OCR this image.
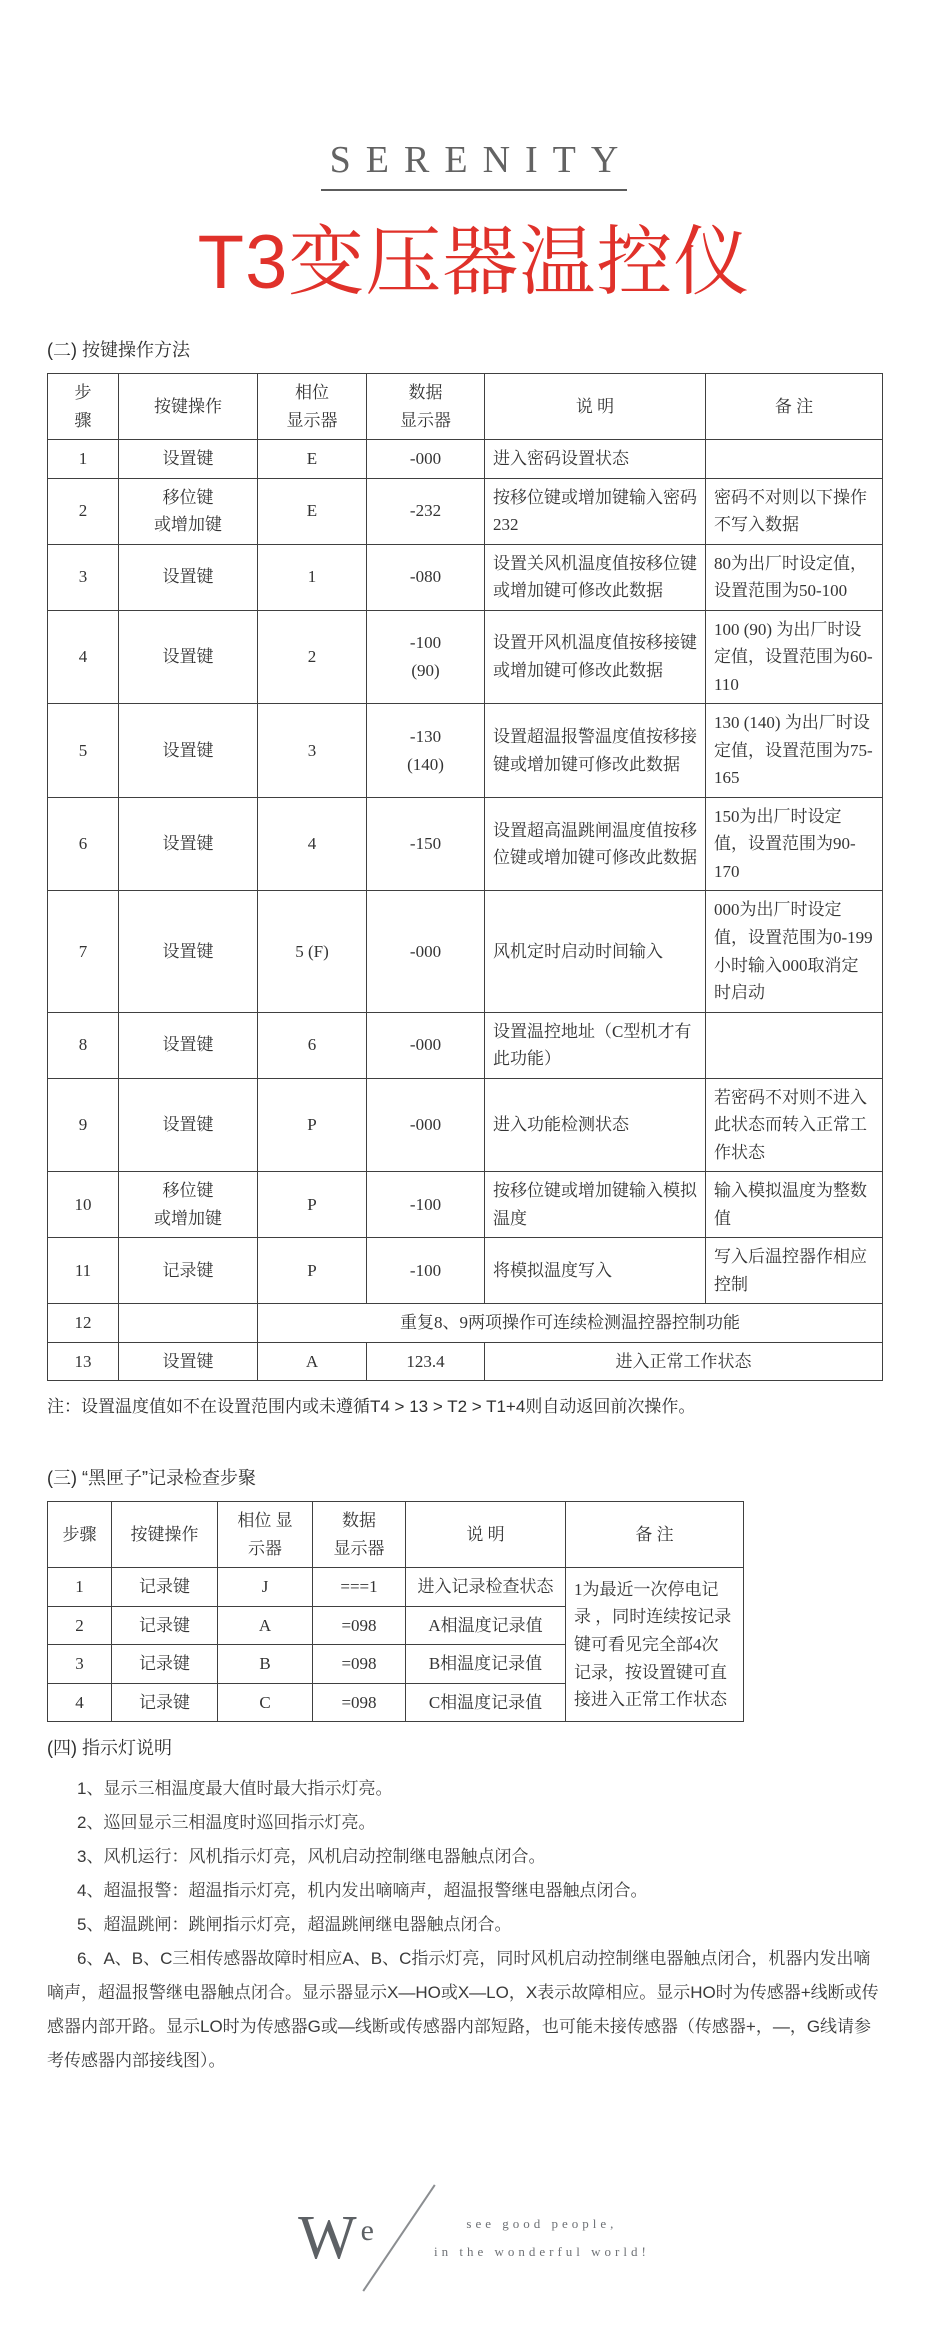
SERENITY
T3变压器温控仪
(二) 按键操作方法
步
骤	按键操作	相位
显示器	数据
显示器	说 明	备 注
1	设置键	E	-000	进入密码设置状态	
2	移位键
或增加键	E	-232	按移位键或增加键输入密码232	密码不对则以下操作不写入数据
3	设置键	1	-080	设置关风机温度值按移位键或增加键可修改此数据	80为出厂时设定值，设置范围为50-100
4	设置键	2	-100
(90)	设置开风机温度值按移接键或增加键可修改此数据	100 (90) 为出厂时设定值，设置范围为60-110
5	设置键	3	-130
(140)	设置超温报警温度值按移接键或增加键可修改此数据	130 (140) 为出厂时设定值，设置范围为75-165
6	设置键	4	-150	设置超高温跳闸温度值按移位键或增加键可修改此数据	150为出厂时设定值，设置范围为90-170
7	设置键	5 (F)	-000	风机定时启动时间输入	000为出厂时设定值，设置范围为0-199小时输入000取消定时启动
8	设置键	6	-000	设置温控地址（C型机才有此功能）	
9	设置键	P	-000	进入功能检测状态	若密码不对则不进入此状态而转入正常工作状态
10	移位键
或增加键	P	-100	按移位键或增加键输入模拟温度	输入模拟温度为整数值
11	记录键	P	-100	将模拟温度写入	写入后温控器作相应控制
12		重复8、9两项操作可连续检测温控器控制功能			
13	设置键	A	123.4	进入正常工作状态	

注：设置温度值如不在设置范围内或未遵循T4 > 13 > T2 > T1+4则自动返回前次操作。

(三) “黑匣子”记录检查步聚
步骤	按键操作	相位 显
示器	数据
显示器	说 明	备 注
1	记录键	J	===1	进入记录检查状态	1为最近一次停电记录 ，同时连续按记录键可看见完全部4次记录，按设置键可直接进入正常工作状态
2	记录键	A	=098	A相温度记录值	
3	记录键	B	=098	B相温度记录值	
4	记录键	C	=098	C相温度记录值	
(四) 指示灯说明
1、显示三相温度最大值时最大指示灯亮。
2、巡回显示三相温度时巡回指示灯亮。
3、风机运行：风机指示灯亮，风机启动控制继电器触点闭合。
4、超温报警：超温指示灯亮，机内发出嘀嘀声，超温报警继电器触点闭合。
5、超温跳闸：跳闸指示灯亮，超温跳闸继电器触点闭合。
6、A、B、C三相传感器故障时相应A、B、C指示灯亮，同时风机启动控制继电器触点闭合，机器内发出嘀嘀声，超温报警继电器触点闭合。显示器显示X—HO或X—LO，X表示故障相应。显示HO时为传感器+线断或传感器内部开路。显示LO时为传感器G或—线断或传感器内部短路，也可能未接传感器（传感器+，—，G线请参考传感器内部接线图）。
We	see good people,
in the wonderful world!
